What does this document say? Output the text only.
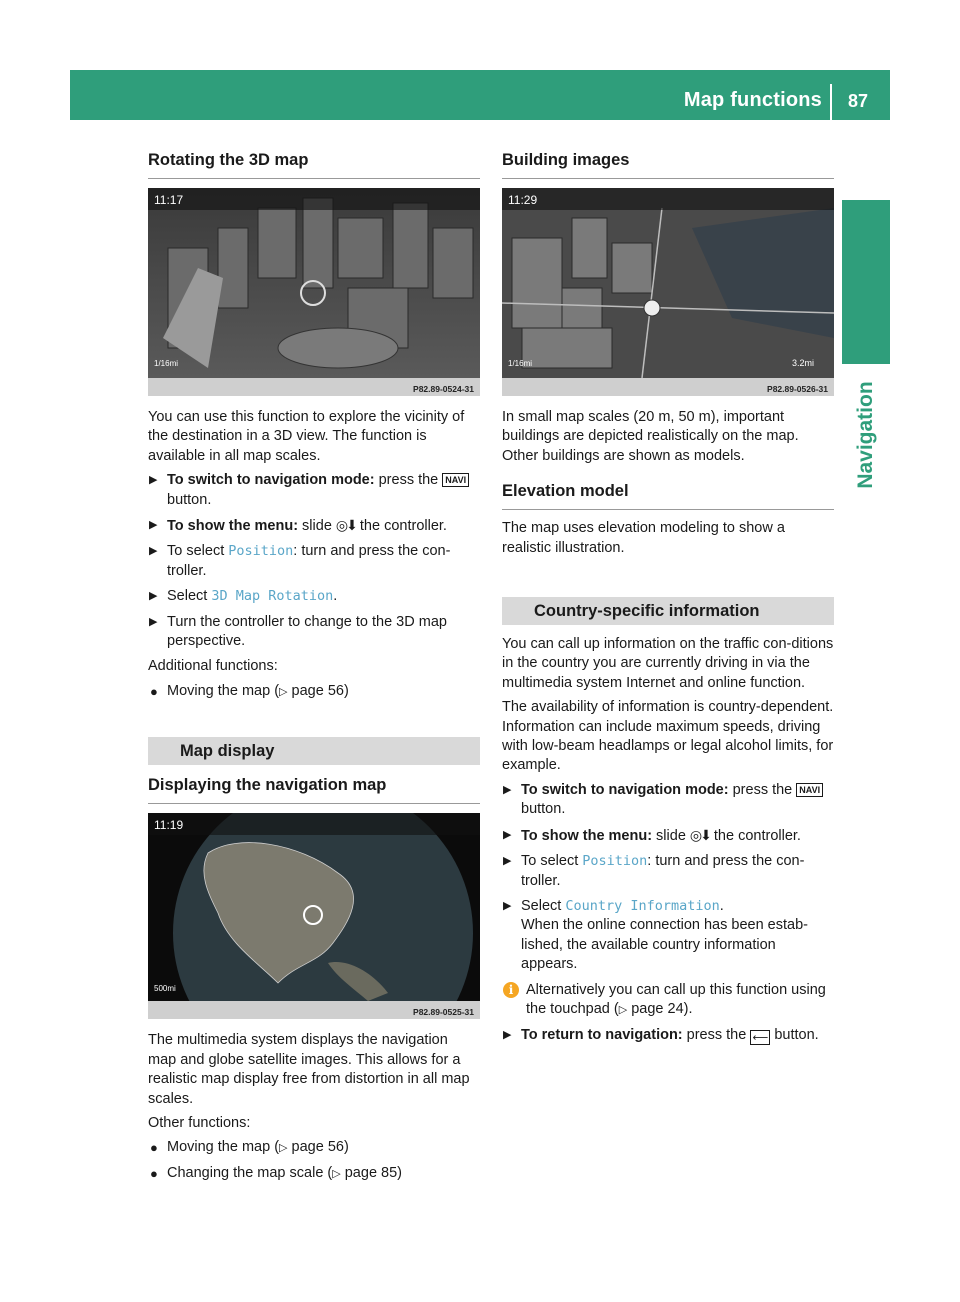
Map functions 87
Navigation
Rotating the 3D map
11:17
1/16mi
P82.89-0524-31

You can use this function to explore the vicinity of the destination in a 3D view. The function is available in all map scales.

▶ To switch to navigation mode: press the NAVI button.
▶ To show the menu: slide ◎⬇ the controller.
▶ To select Position: turn and press the con-troller.
▶ Select 3D Map Rotation.
▶ Turn the controller to change to the 3D map perspective.

Additional functions:

● Moving the map (▷ page 56)
Map display
Displaying the navigation map
11:19
500mi
P82.89-0525-31

The multimedia system displays the navigation map and globe satellite images. This allows for a realistic map display free from distortion in all map scales.

Other functions:

● Moving the map (▷ page 56)
● Changing the map scale (▷ page 85)
Building images
11:29
1/16mi	3.2mi
P82.89-0526-31

In small map scales (20 m, 50 m), important buildings are depicted realistically on the map. Other buildings are shown as models.

Elevation model

The map uses elevation modeling to show a realistic illustration.

Country-specific information

You can call up information on the traffic con-ditions in the country you are currently driving in via the multimedia system Internet and online function.

The availability of information is country-dependent. Information can include maximum speeds, driving with low-beam headlamps or legal alcohol limits, for example.

▶ To switch to navigation mode: press the NAVI button.
▶ To show the menu: slide ◎⬇ the controller.
▶ To select Position: turn and press the con-troller.
▶ Select Country Information.
When the online connection has been estab-lished, the available country information appears.
i Alternatively you can call up this function using the touchpad (▷ page 24).
▶ To return to navigation: press the ⟵ button.
